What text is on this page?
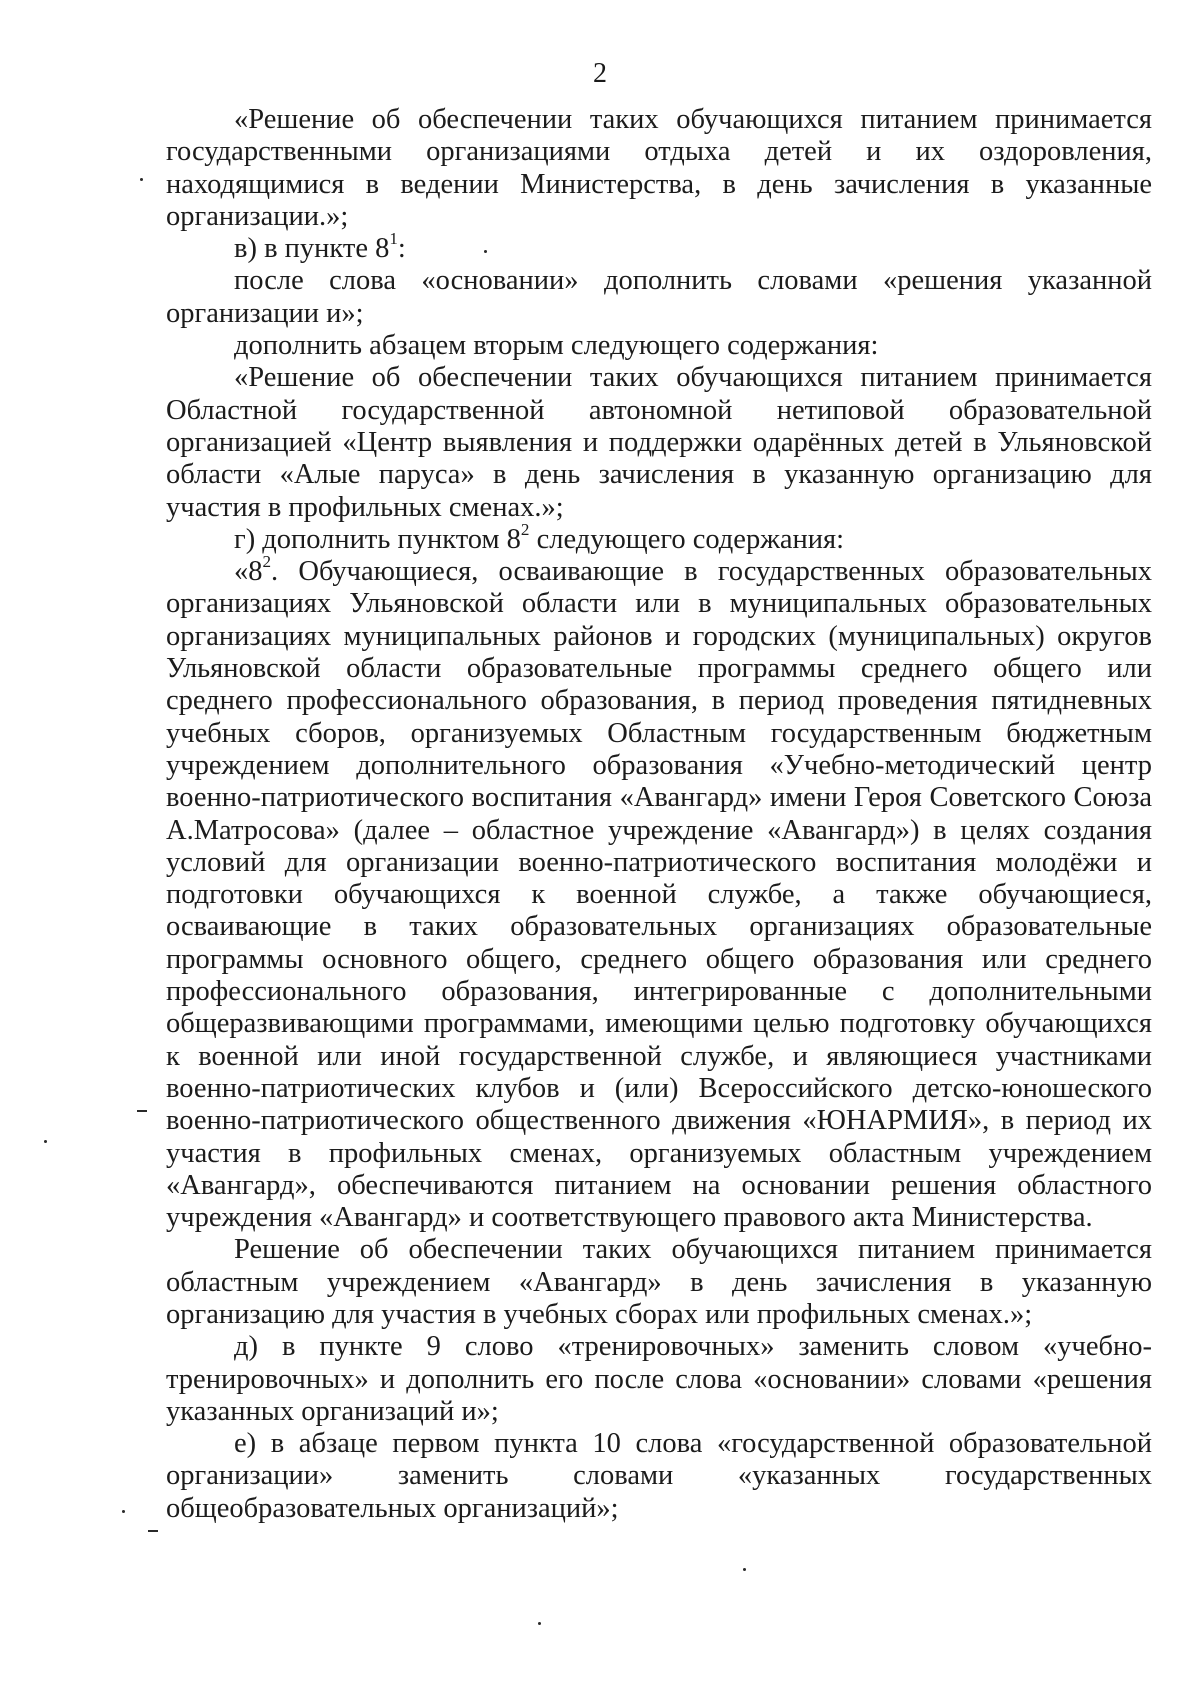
2

«Решение об обеспечении таких обучающихся питанием принимается государственными организациями отдыха детей и их оздоровления, находящимися в ведении Министерства, в день зачисления в указанные организации.»;

в) в пункте $8^1$:

после слова «основании» дополнить словами «решения указанной организации и»;

дополнить абзацем вторым следующего содержания:

«Решение об обеспечении таких обучающихся питанием принимается Областной государственной автономной нетиповой образовательной организацией «Центр выявления и поддержки одарённых детей в Ульяновской области «Алые паруса» в день зачисления в указанную организацию для участия в профильных сменах.»;

г) дополнить пунктом $8^2$ следующего содержания:

«$8^2$. Обучающиеся, осваивающие в государственных образовательных организациях Ульяновской области или в муниципальных образовательных организациях муниципальных районов и городских (муниципальных) округов Ульяновской области образовательные программы среднего общего или среднего профессионального образования, в период проведения пятидневных учебных сборов, организуемых Областным государственным бюджетным учреждением дополнительного образования «Учебно-методический центр военно-патриотического воспитания «Авангард» имени Героя Советского Союза А.Матросова» (далее – областное учреждение «Авангард») в целях создания условий для организации военно-патриотического воспитания молодёжи и подготовки обучающихся к военной службе, а также обучающиеся, осваивающие в таких образовательных организациях образовательные программы основного общего, среднего общего образования или среднего профессионального образования, интегрированные с дополнительными общеразвивающими программами, имеющими целью подготовку обучающихся к военной или иной государственной службе, и являющиеся участниками военно-патриотических клубов и (или) Всероссийского детско-юношеского военно-патриотического общественного движения «ЮНАРМИЯ», в период их участия в профильных сменах, организуемых областным учреждением «Авангард», обеспечиваются питанием на основании решения областного учреждения «Авангард» и соответствующего правового акта Министерства.

Решение об обеспечении таких обучающихся питанием принимается областным учреждением «Авангард» в день зачисления в указанную организацию для участия в учебных сборах или профильных сменах.»;

д) в пункте 9 слово «тренировочных» заменить словом «учебно-тренировочных» и дополнить его после слова «основании» словами «решения указанных организаций и»;

е) в абзаце первом пункта 10 слова «государственной образовательной организации» заменить словами «указанных государственных общеобразовательных организаций»;
